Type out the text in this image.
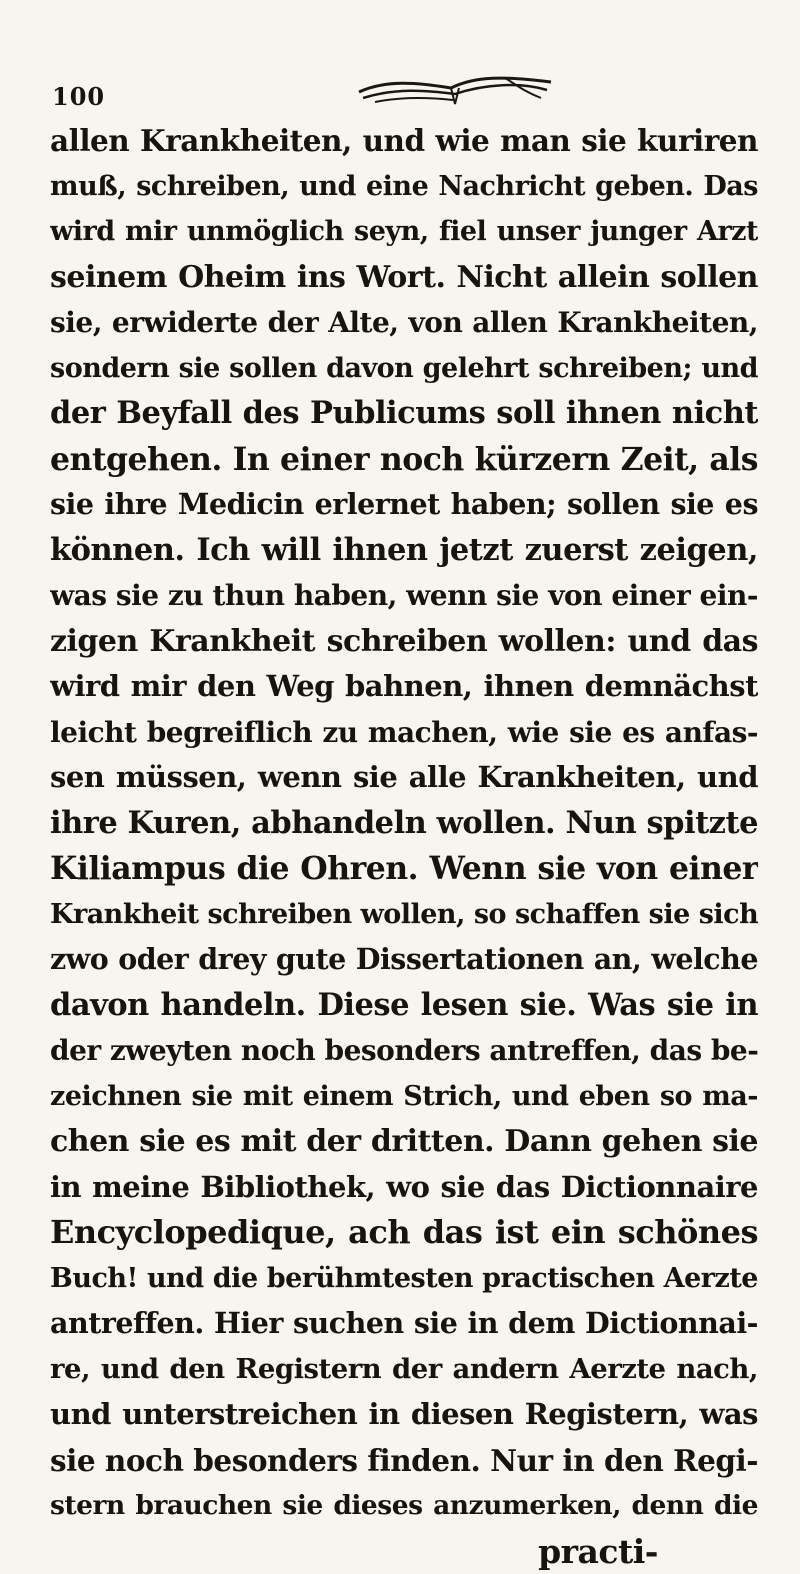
100
allen Krankheiten, und wie man sie kuriren
muß, schreiben, und eine Nachricht geben. Das
wird mir unmöglich seyn, fiel unser junger Arzt
seinem Oheim ins Wort. Nicht allein sollen
sie, erwiderte der Alte, von allen Krankheiten,
sondern sie sollen davon gelehrt schreiben; und
der Beyfall des Publicums soll ihnen nicht
entgehen. In einer noch kürzern Zeit, als
sie ihre Medicin erlernet haben; sollen sie es
können. Ich will ihnen jetzt zuerst zeigen,
was sie zu thun haben, wenn sie von einer ein-
zigen Krankheit schreiben wollen: und das
wird mir den Weg bahnen, ihnen demnächst
leicht begreiflich zu machen, wie sie es anfas-
sen müssen, wenn sie alle Krankheiten, und
ihre Kuren, abhandeln wollen. Nun spitzte
Kiliampus die Ohren. Wenn sie von einer
Krankheit schreiben wollen, so schaffen sie sich
zwo oder drey gute Dissertationen an, welche
davon handeln. Diese lesen sie. Was sie in
der zweyten noch besonders antreffen, das be-
zeichnen sie mit einem Strich, und eben so ma-
chen sie es mit der dritten. Dann gehen sie
in meine Bibliothek, wo sie das Dictionnaire
Encyclopedique, ach das ist ein schönes
Buch! und die berühmtesten practischen Aerzte
antreffen. Hier suchen sie in dem Dictionnai-
re, und den Registern der andern Aerzte nach,
und unterstreichen in diesen Registern, was
sie noch besonders finden. Nur in den Regi-
stern brauchen sie dieses anzumerken, denn die
practi-
